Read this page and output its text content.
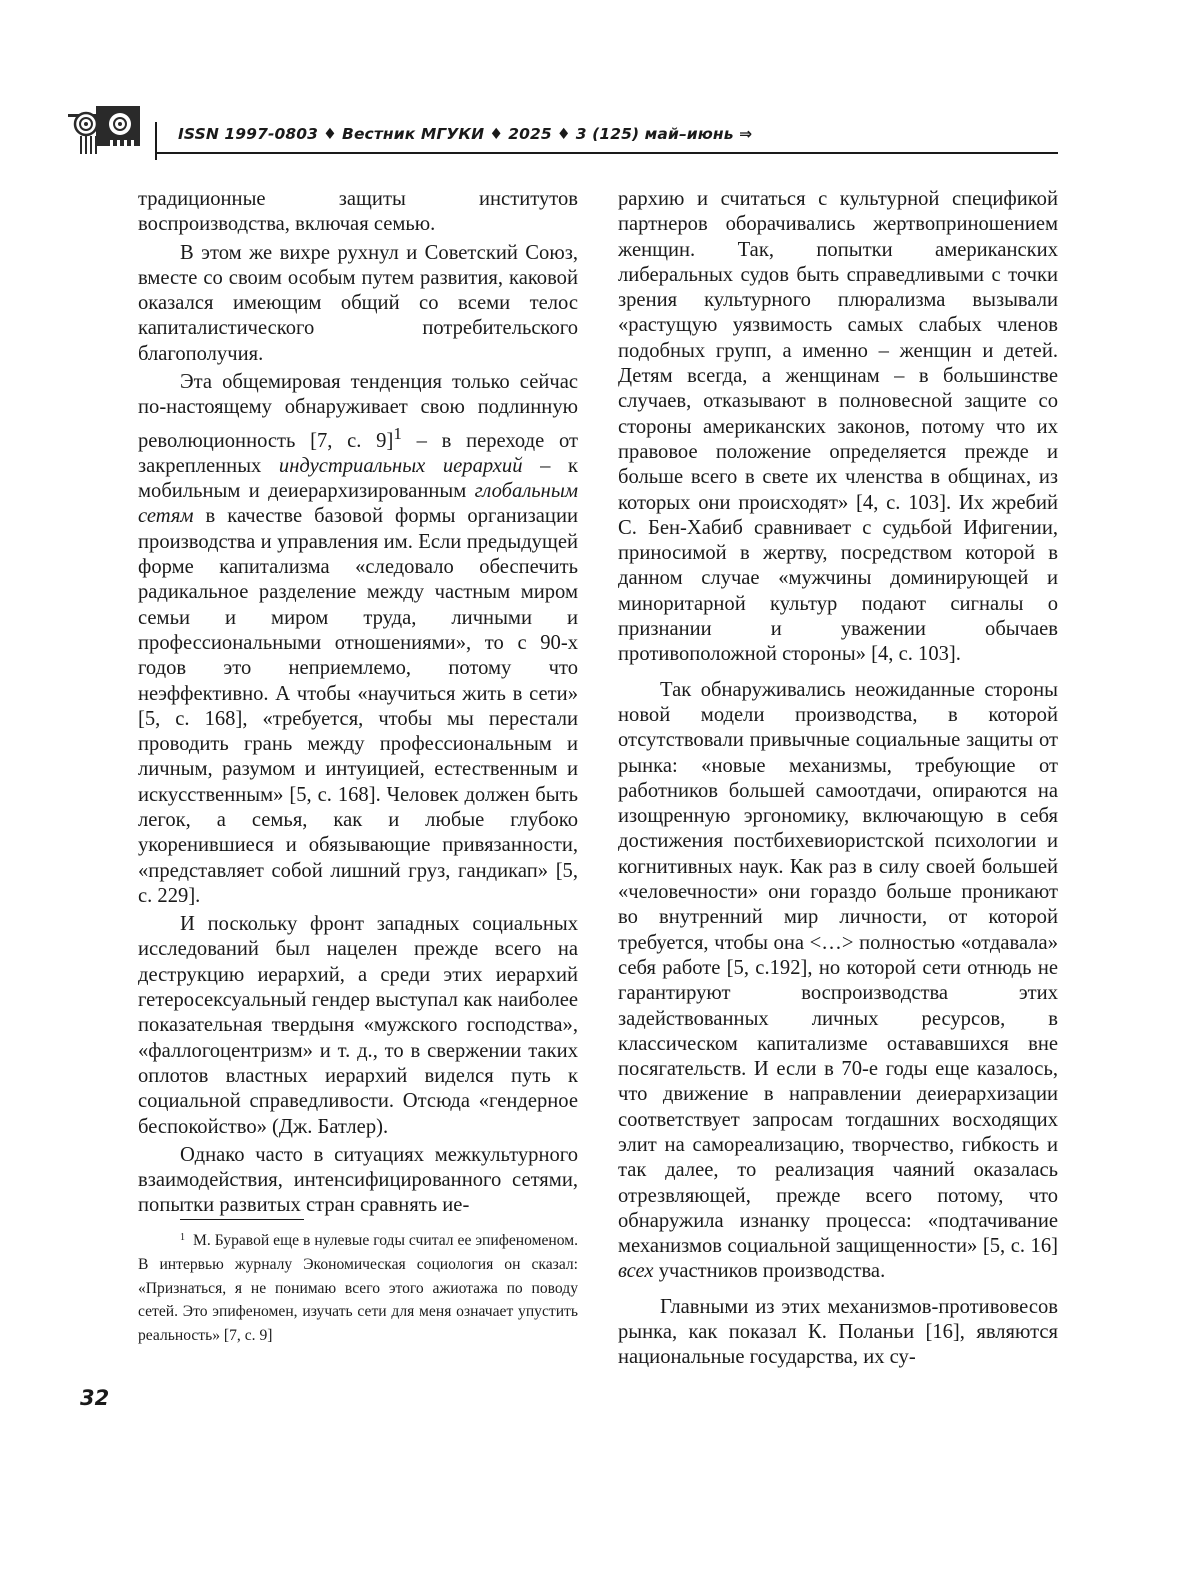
ISSN 1997-0803 ♦ Вестник МГУКИ ♦ 2025 ♦ 3 (125) май–июнь ⇒

традиционные защиты институтов воспроизводства, включая семью.

В этом же вихре рухнул и Советский Союз, вместе со своим особым путем развития, каковой оказался имеющим общий со всеми телос капиталистического потребительского благополучия.

Эта общемировая тенденция только сейчас по-настоящему обнаруживает свою подлинную революционность [7, с. 9]$^1$ – в переходе от закрепленных индустриальных иерархий – к мобильным и деиерархизированным глобальным сетям в качестве базовой формы организации производства и управления им. Если предыдущей форме капитализма «следовало обеспечить радикальное разделение между частным миром семьи и миром труда, личными и профессиональными отношениями», то с 90-х годов это неприемлемо, потому что неэффективно. А чтобы «научиться жить в сети» [5, с. 168], «требуется, чтобы мы перестали проводить грань между профессиональным и личным, разумом и интуицией, естественным и искусственным» [5, с. 168]. Человек должен быть легок, а семья, как и любые глубоко укоренившиеся и обязывающие привязанности, «представляет собой лишний груз, гандикап» [5, с. 229].

И поскольку фронт западных социальных исследований был нацелен прежде всего на деструкцию иерархий, а среди этих иерархий гетеросексуальный гендер выступал как наиболее показательная твердыня «мужского господства», «фаллогоцентризм» и т. д., то в свержении таких оплотов властных иерархий виделся путь к социальной справедливости. Отсюда «гендерное беспокойство» (Дж. Батлер).

Однако часто в ситуациях межкультурного взаимодействия, интенсифицированного сетями, попытки развитых стран сравнять ие-

$^1$ М. Буравой еще в нулевые годы считал ее эпифеноменом. В интервью журналу Экономическая социология он сказал: «Признаться, я не понимаю всего этого ажиотажа по поводу сетей. Это эпифеномен, изучать сети для меня означает упустить реальность» [7, с. 9]

рархию и считаться с культурной спецификой партнеров оборачивались жертвоприношением женщин. Так, попытки американских либеральных судов быть справедливыми с точки зрения культурного плюрализма вызывали «растущую уязвимость самых слабых членов подобных групп, а именно – женщин и детей. Детям всегда, а женщинам – в большинстве случаев, отказывают в полновесной защите со стороны американских законов, потому что их правовое положение определяется прежде и больше всего в свете их членства в общинах, из которых они происходят» [4, с. 103]. Их жребий С. Бен-Хабиб сравнивает с судьбой Ифигении, приносимой в жертву, посредством которой в данном случае «мужчины доминирующей и миноритарной культур подают сигналы о признании и уважении обычаев противоположной стороны» [4, с. 103].

Так обнаруживались неожиданные стороны новой модели производства, в которой отсутствовали привычные социальные защиты от рынка: «новые механизмы, требующие от работников большей самоотдачи, опираются на изощренную эргономику, включающую в себя достижения постбихевиористской психологии и когнитивных наук. Как раз в силу своей большей «человечности» они гораздо больше проникают во внутренний мир личности, от которой требуется, чтобы она <…> полностью «отдавала» себя работе [5, с.192], но которой сети отнюдь не гарантируют воспроизводства этих задействованных личных ресурсов, в классическом капитализме остававшихся вне посягательств. И если в 70-е годы еще казалось, что движение в направлении деиерархизации соответствует запросам тогдашних восходящих элит на самореализацию, творчество, гибкость и так далее, то реализация чаяний оказалась отрезвляющей, прежде всего потому, что обнаружила изнанку процесса: «подтачивание механизмов социальной защищенности» [5, с. 16] всех участников производства.

Главными из этих механизмов-противовесов рынка, как показал К. Поланьи [16], являются национальные государства, их су-

32
